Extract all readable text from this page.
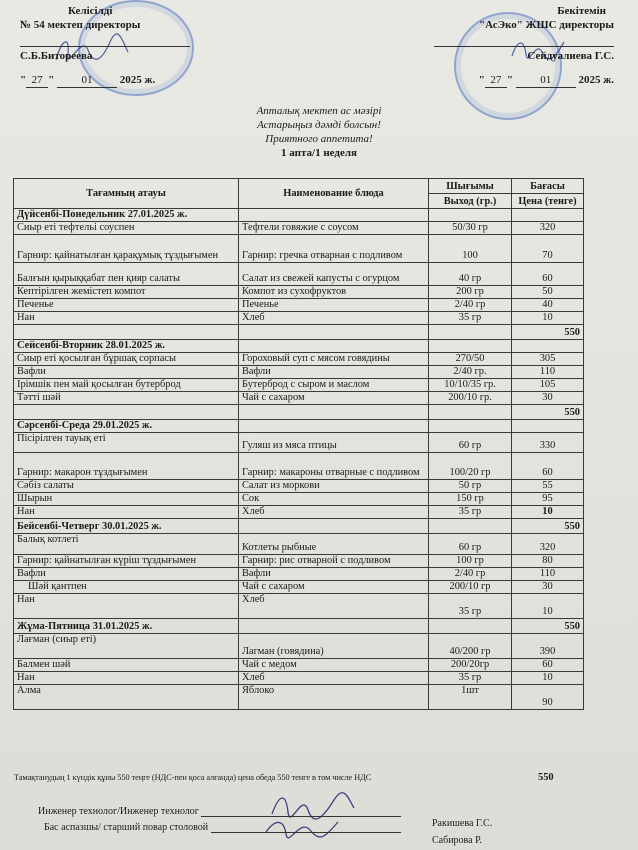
Келісілді
№ 54 мектеп директоры
С.Б.Битореева
" 27 " 01 2025 ж.
Бекітемін
"АсЭко" ЖШС директоры
Сейдуалиева Г.С.
" 27 " 01 2025 ж.
Апталық мектеп ас мәзірі
Астарыңыз дәмді болсын!
Приятного аппетита!
1 апта/1 неделя
Тағамның атауы	Наименование блюда	Шығымы	Бағасы
		Выход (гр.)	Цена (тенге)
Дүйсенбі-Понедельник 27.01.2025 ж.			
Сиыр еті тефтельі соуспен	Тефтели говяжие с соусом	50/30 гр	320
Гарнир: қайнатылған қарақұмық тұздығымен	Гарнир: гречка отварная с подливом	100	70
Балғын қырыққабат пен қияр салаты	Салат из свежей капусты с огурцом	40 гр	60
Кептірілген жемістеп компот	Компот из сухофруктов	200 гр	50
Печенье	Печенье	2/40 гр	40
Нан	Хлеб	35 гр	10
			550
Сейсенбі-Вторник 28.01.2025 ж.			
Сиыр еті қосылған бұршақ сорпасы	Гороховый суп с мясом говядины	270/50	305
Вафли	Вафли	2/40 гр.	110
Ірімшік пен май қосылған бутерброд	Бутерброд с сыром и маслом	10/10/35 гр.	105
Тәтті шәй	Чай с сахаром	200/10 гр.	30
			550
Сәрсенбі-Среда 29.01.2025 ж.			
Пісірілген тауық еті	Гуляш из мяса птицы	60 гр	330
Гарнир: макарон тұздығымен	Гарнир: макароны отварные с подливом	100/20 гр	60
Сәбіз салаты	Салат из моркови	50 гр	55
Шырын	Сок	150 гр	95
Нан	Хлеб	35 гр	10
Бейсенбі-Четверг 30.01.2025 ж.			550
Балық котлеті	Котлеты рыбные	60 гр	320
Гарнир: қайнатылған күріш тұздығымен	Гарнир: рис отварной с подливом	100 гр	80
Вафли	Вафли	2/40 гр	110
Шәй қантпен	Чай с сахаром	200/10 гр	30
Нан	Хлеб	35 гр	10
Жұма-Пятница 31.01.2025 ж.			550
Лағман (сиыр еті)	Лагман (говядина)	40/200 гр	390
Балмен шәй	Чай с медом	200/20гр	60
Нан	Хлеб	35 гр	10
Алма	Яблоко	1шт	90
Тамақтанудың 1 күндік құны 550 теңге (НДС-пен қоса алғанда) цена обеда 550 тенге в том числе НДС	550
Инженер технолог/Инженер технолог
Ракишева Г.С.
Бас аспазшы/ старший повар столовой
Сабирова Р.
